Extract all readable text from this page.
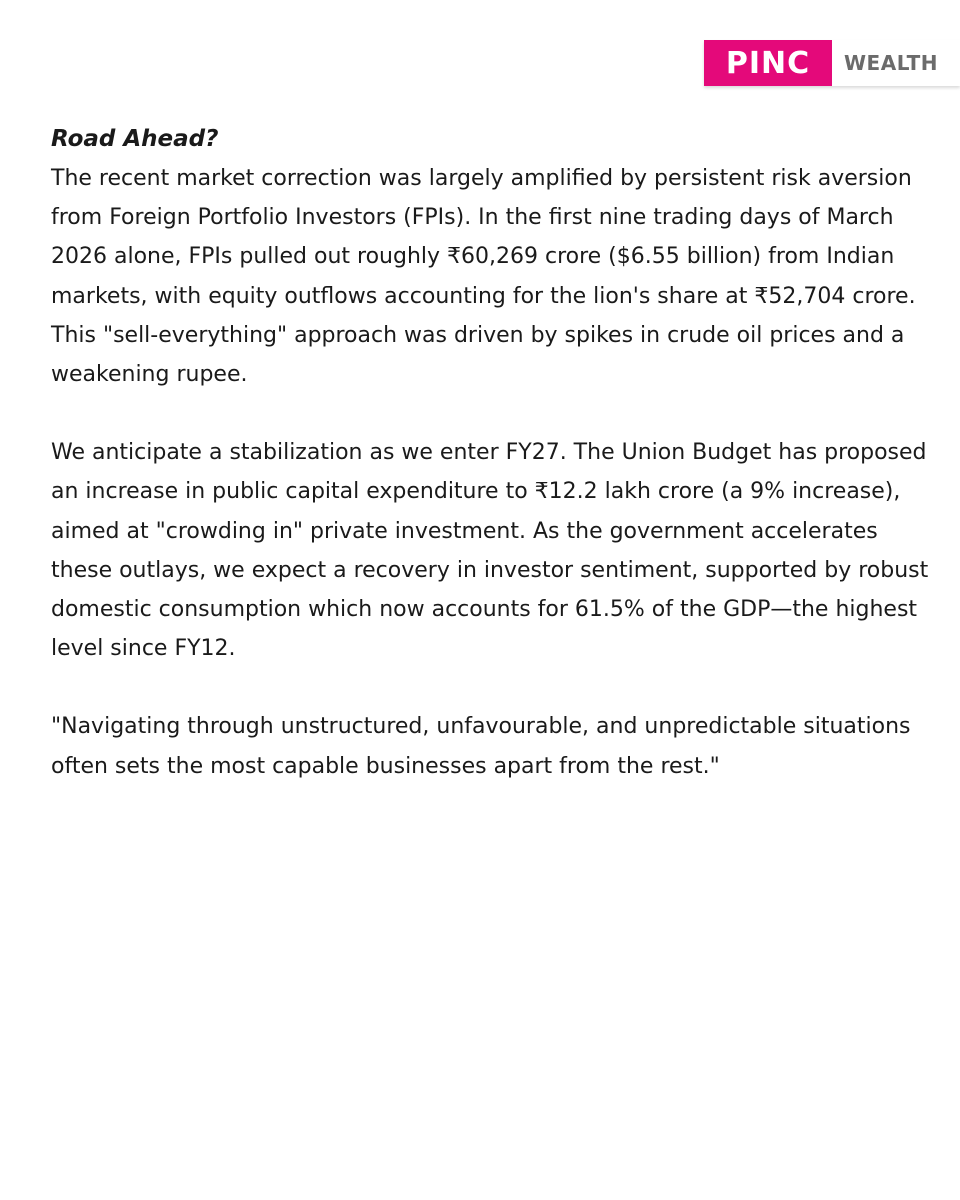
PINC	WEALTH

Road Ahead?

The recent market correction was largely amplified by persistent risk aversion from Foreign Portfolio Investors (FPIs). In the first nine trading days of March 2026 alone, FPIs pulled out roughly ₹60,269 crore ($6.55 billion) from Indian markets, with equity outflows accounting for the lion's share at ₹52,704 crore. This "sell-everything" approach was driven by spikes in crude oil prices and a weakening rupee.

We anticipate a stabilization as we enter FY27. The Union Budget has proposed an increase in public capital expenditure to ₹12.2 lakh crore (a 9% increase), aimed at "crowding in" private investment. As the government accelerates these outlays, we expect a recovery in investor sentiment, supported by robust domestic consumption which now accounts for 61.5% of the GDP—the highest level since FY12.

"Navigating through unstructured, unfavourable, and unpredictable situations often sets the most capable businesses apart from the rest."
